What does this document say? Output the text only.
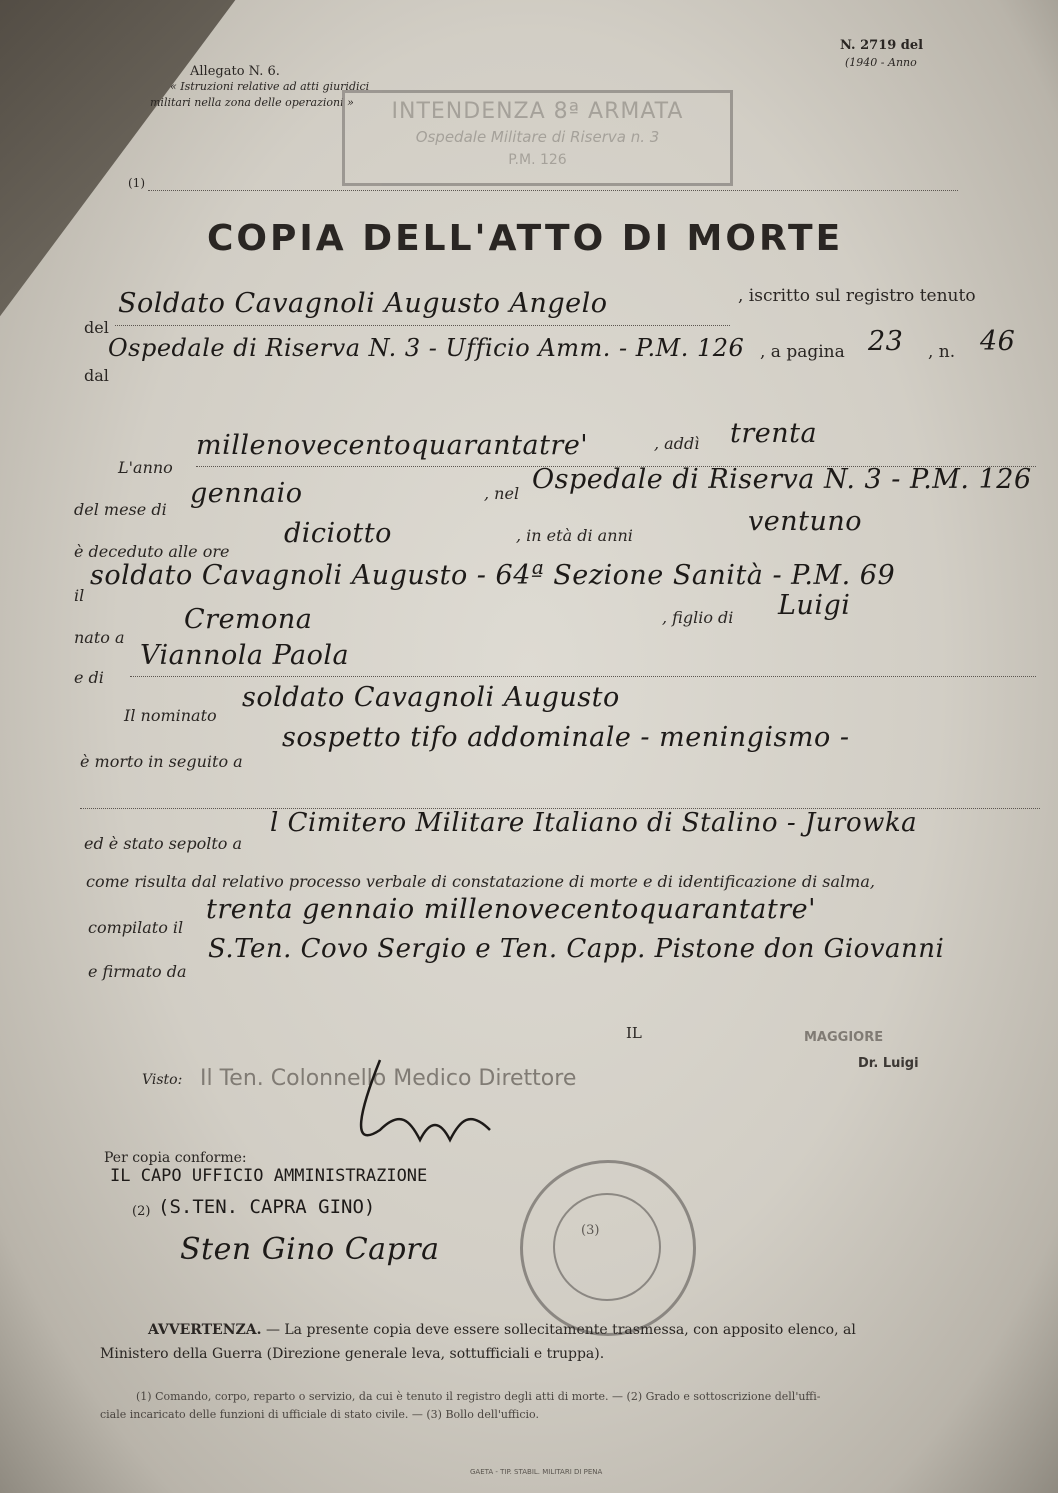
Allegato N. 6.
« Istruzioni relative ad atti giuridici
militari nella zona delle operazioni »
N. 2719 del
(1940 - Anno
(1)
INTENDENZA 8ª ARMATA
Ospedale Militare di Riserva n. 3
P.M. 126
COPIA DELL'ATTO DI MORTE
del
Soldato Cavagnoli Augusto Angelo	, iscritto sul registro tenuto
dal
Ospedale di Riserva N. 3 - Ufficio Amm. - P.M. 126 , a pagina 23 , n. 46
L'anno
millenovecentoquarantatre'	, addì trenta
del mese di
gennaio	, nel Ospedale di Riserva N. 3 - P.M. 126
è deceduto alle ore
diciotto	, in età di anni	ventuno
il
soldato Cavagnoli Augusto - 64ª Sezione Sanità - P.M. 69
nato a
Cremona	, figlio di Luigi
e di
Viannola Paola
Il nominato
soldato Cavagnoli Augusto
è morto in seguito a
sospetto tifo addominale - meningismo -
ed è stato sepolto a
l Cimitero Militare Italiano di Stalino - Jurowka
come risulta dal relativo processo verbale di constatazione di morte e di identificazione di salma,
compilato il
trenta gennaio millenovecentoquarantatre'
e firmato da
S.Ten. Covo Sergio e Ten. Capp. Pistone don Giovanni
IL	MAGGIORE
Dr. Luigi
Visto: Il Ten. Colonnello Medico Direttore
Per copia conforme:
IL CAPO UFFICIO AMMINISTRAZIONE
(2) (S.TEN. CAPRA GINO)
Sten Gino Capra
(3)
AVVERTENZA. — La presente copia deve essere sollecitamente trasmessa, con apposito elenco, al
Ministero della Guerra (Direzione generale leva, sottufficiali e truppa).
(1) Comando, corpo, reparto o servizio, da cui è tenuto il registro degli atti di morte. — (2) Grado e sottoscrizione dell'uffi-
ciale incaricato delle funzioni di ufficiale di stato civile. — (3) Bollo dell'ufficio.
GAETA - TIP. STABIL. MILITARI DI PENA
